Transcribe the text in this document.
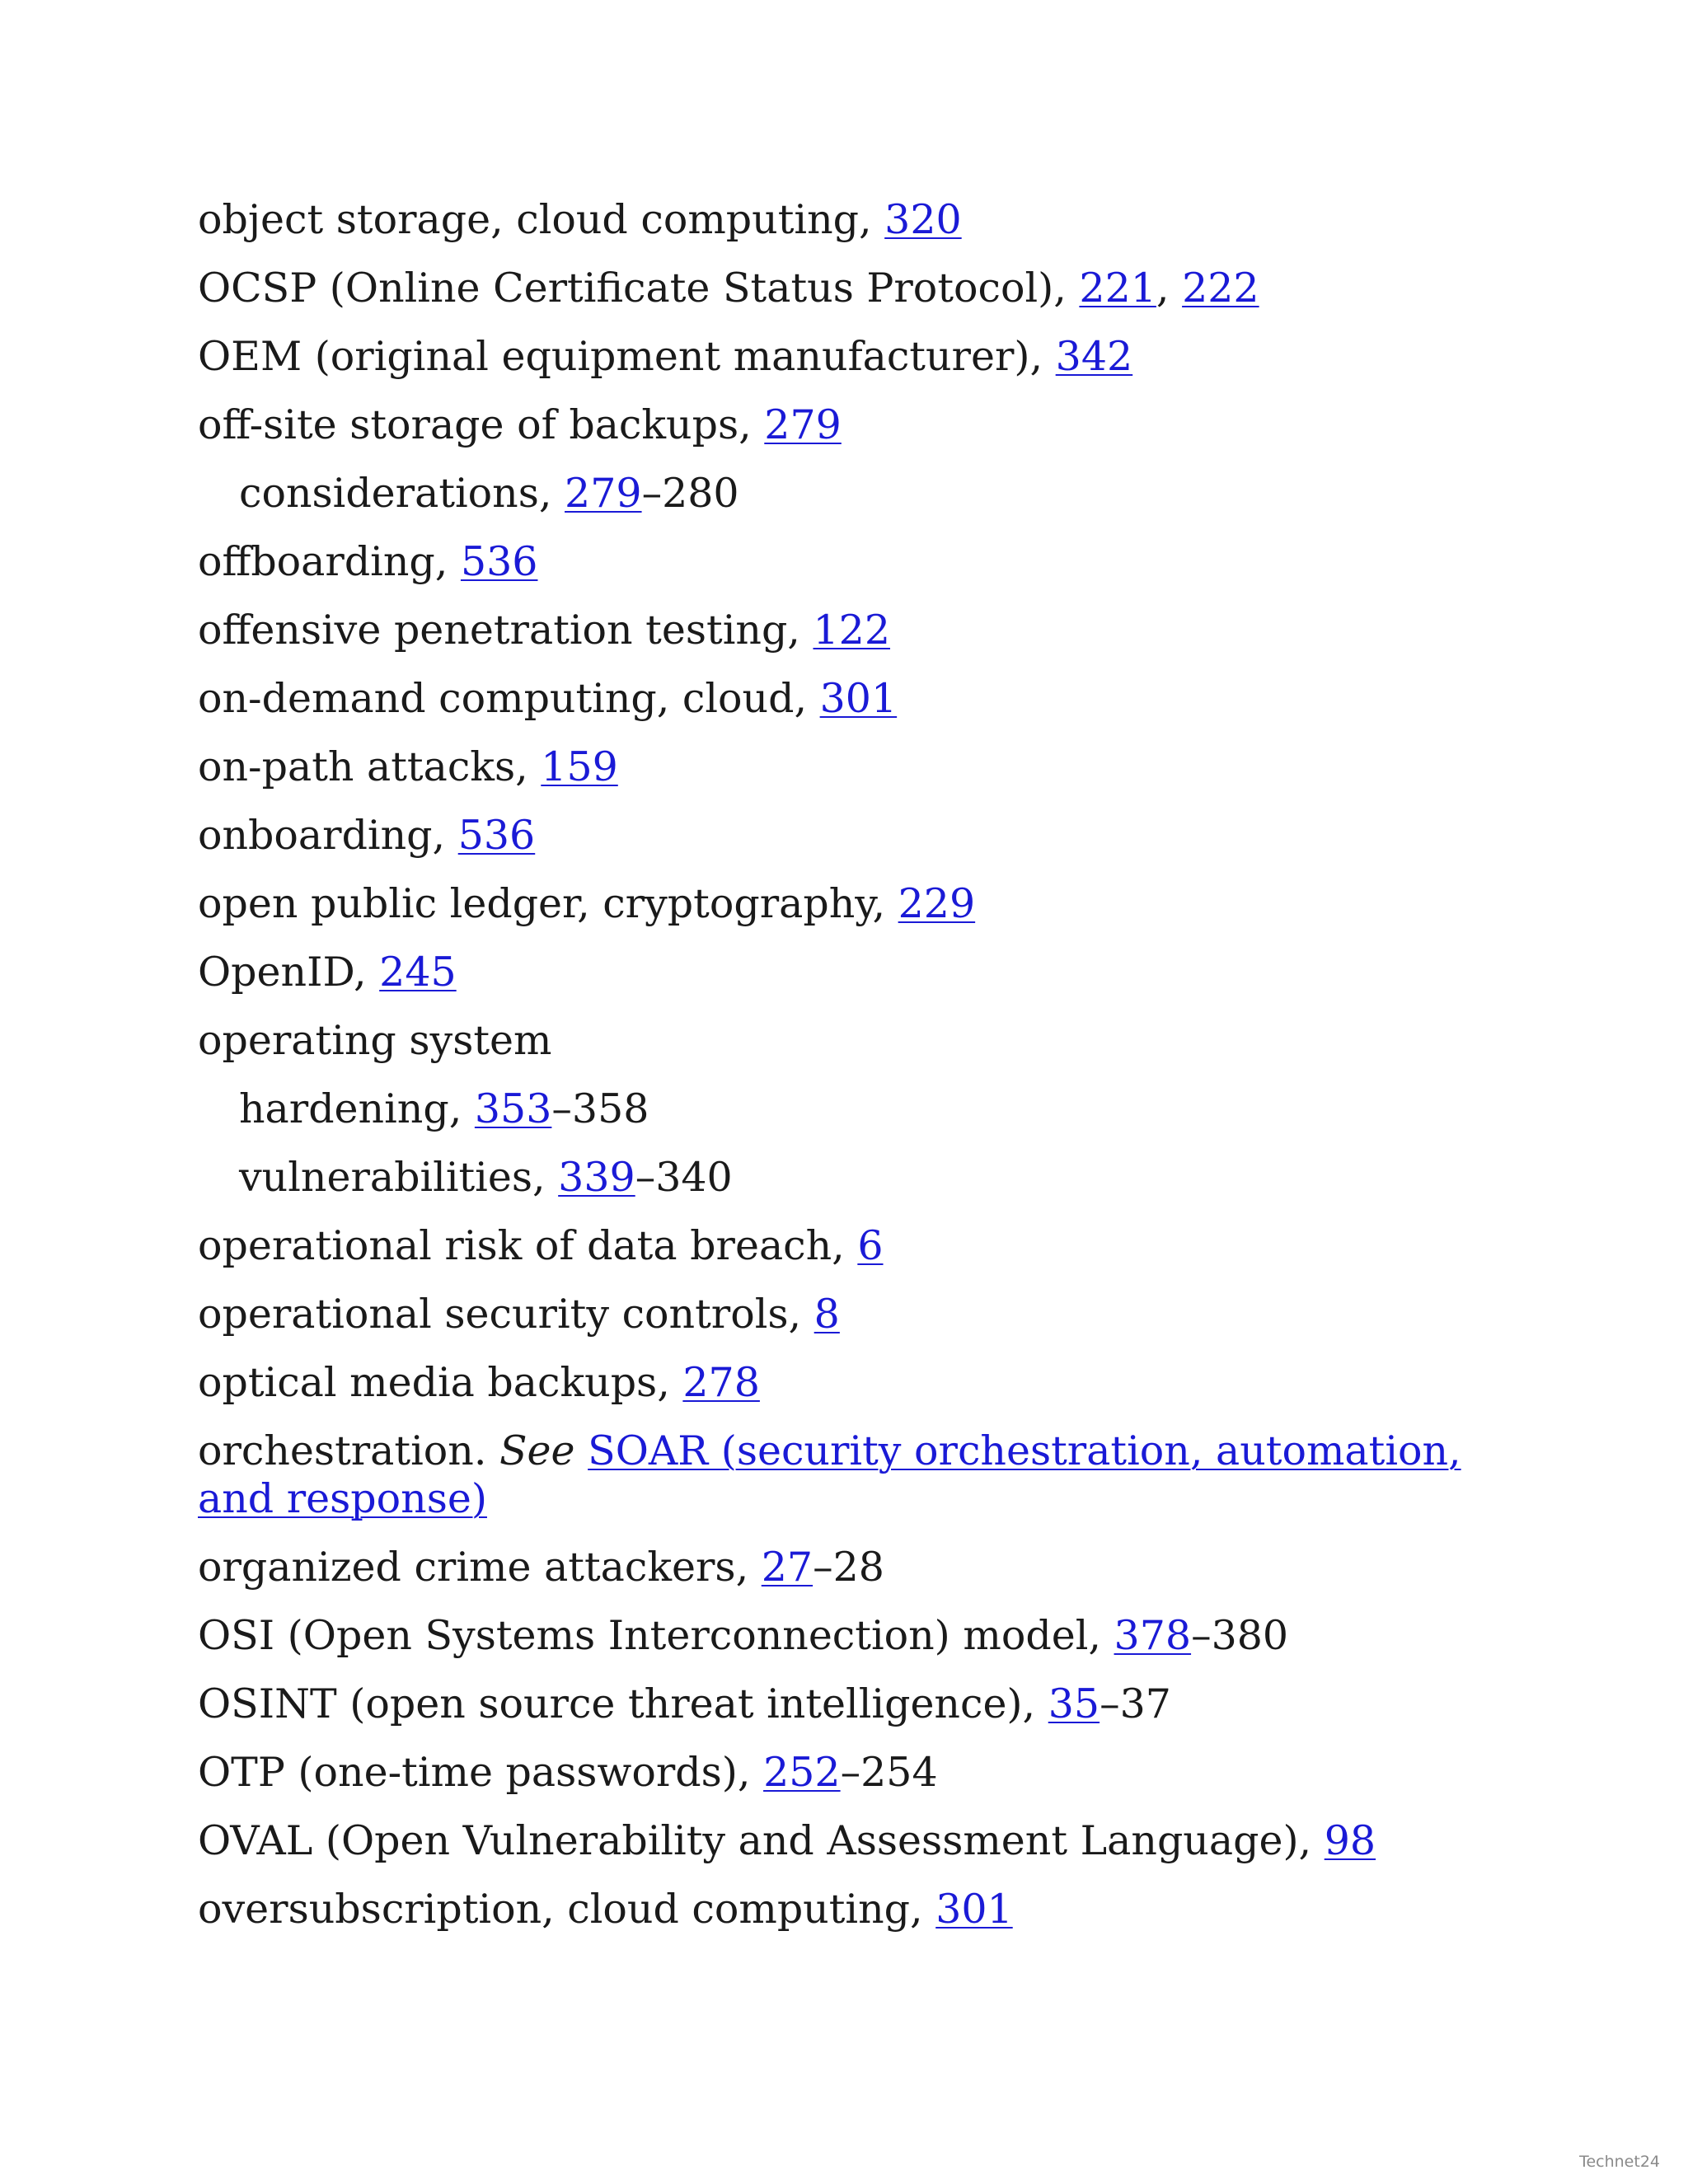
object storage, cloud computing, 320
OCSP (Online Certificate Status Protocol), 221, 222
OEM (original equipment manufacturer), 342
off-site storage of backups, 279
considerations, 279–280
offboarding, 536
offensive penetration testing, 122
on-demand computing, cloud, 301
on-path attacks, 159
onboarding, 536
open public ledger, cryptography, 229
OpenID, 245
operating system
hardening, 353–358
vulnerabilities, 339–340
operational risk of data breach, 6
operational security controls, 8
optical media backups, 278
orchestration. See SOAR (security orchestration, automation, and response)
organized crime attackers, 27–28
OSI (Open Systems Interconnection) model, 378–380
OSINT (open source threat intelligence), 35–37
OTP (one-time passwords), 252–254
OVAL (Open Vulnerability and Assessment Language), 98
oversubscription, cloud computing, 301
Technet24
